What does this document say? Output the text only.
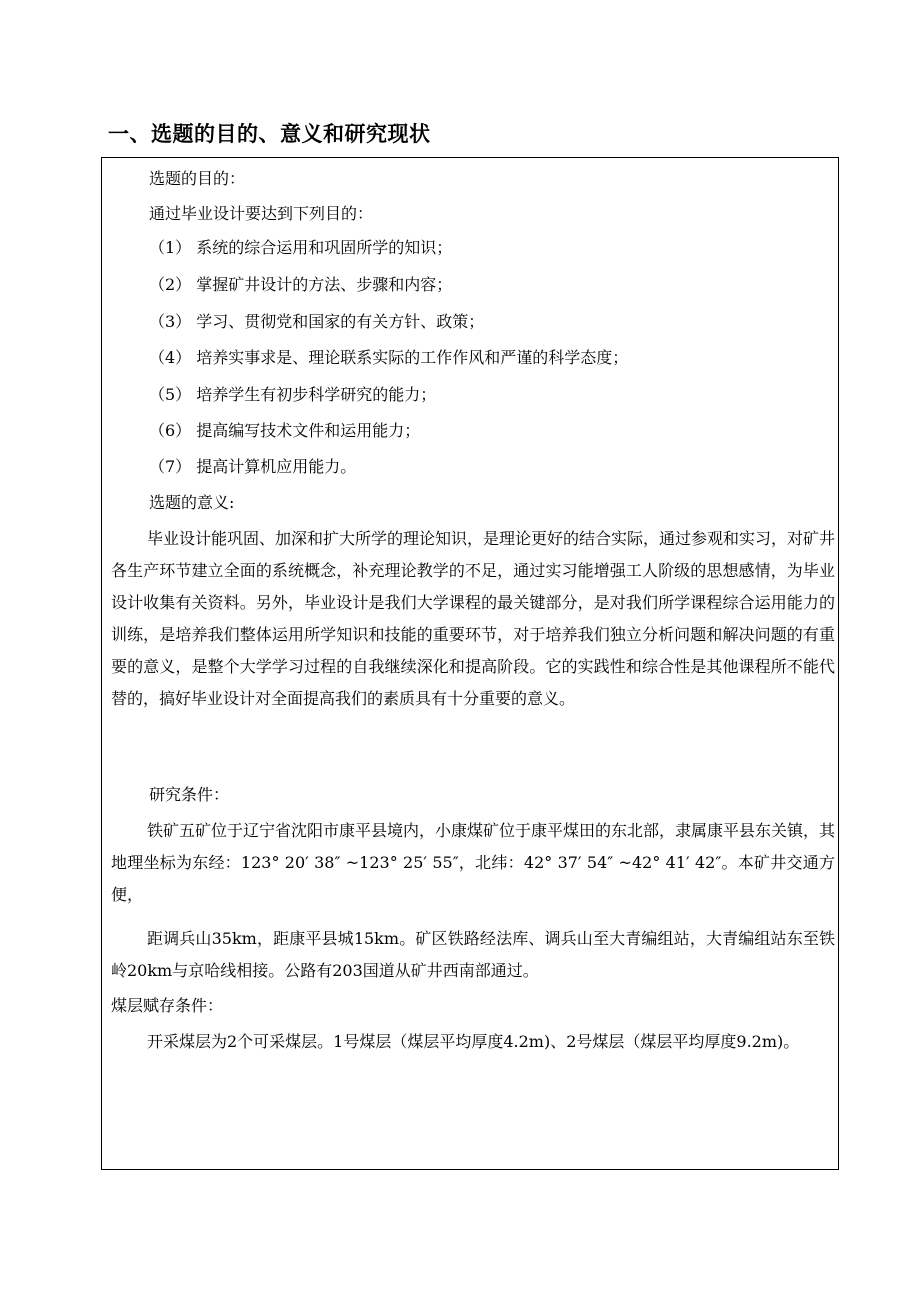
一、选题的目的、意义和研究现状

选题的目的：

通过毕业设计要达到下列目的：

（1） 系统的综合运用和巩固所学的知识；

（2） 掌握矿井设计的方法、步骤和内容；

（3） 学习、贯彻党和国家的有关方针、政策；

（4） 培养实事求是、理论联系实际的工作作风和严谨的科学态度；

（5） 培养学生有初步科学研究的能力；

（6） 提高编写技术文件和运用能力；

（7） 提高计算机应用能力。

选题的意义:

毕业设计能巩固、加深和扩大所学的理论知识，是理论更好的结合实际，通过参观和实习，对矿井各生产环节建立全面的系统概念，补充理论教学的不足，通过实习能增强工人阶级的思想感情，为毕业设计收集有关资料。另外，毕业设计是我们大学课程的最关键部分，是对我们所学课程综合运用能力的训练，是培养我们整体运用所学知识和技能的重要环节，对于培养我们独立分析问题和解决问题的有重要的意义，是整个大学学习过程的自我继续深化和提高阶段。它的实践性和综合性是其他课程所不能代替的，搞好毕业设计对全面提高我们的素质具有十分重要的意义。

研究条件：

铁矿五矿位于辽宁省沈阳市康平县境内，小康煤矿位于康平煤田的东北部，隶属康平县东关镇，其地理坐标为东经：123° 20′ 38″ ~123° 25′ 55″，北纬：42° 37′ 54″ ~42° 41′ 42″。本矿井交通方便，

距调兵山35km，距康平县城15km。矿区铁路经法库、调兵山至大青编组站，大青编组站东至铁岭20km与京哈线相接。公路有203国道从矿井西南部通过。

煤层赋存条件：

开采煤层为2个可采煤层。1号煤层（煤层平均厚度4.2m)、2号煤层（煤层平均厚度9.2m)。
